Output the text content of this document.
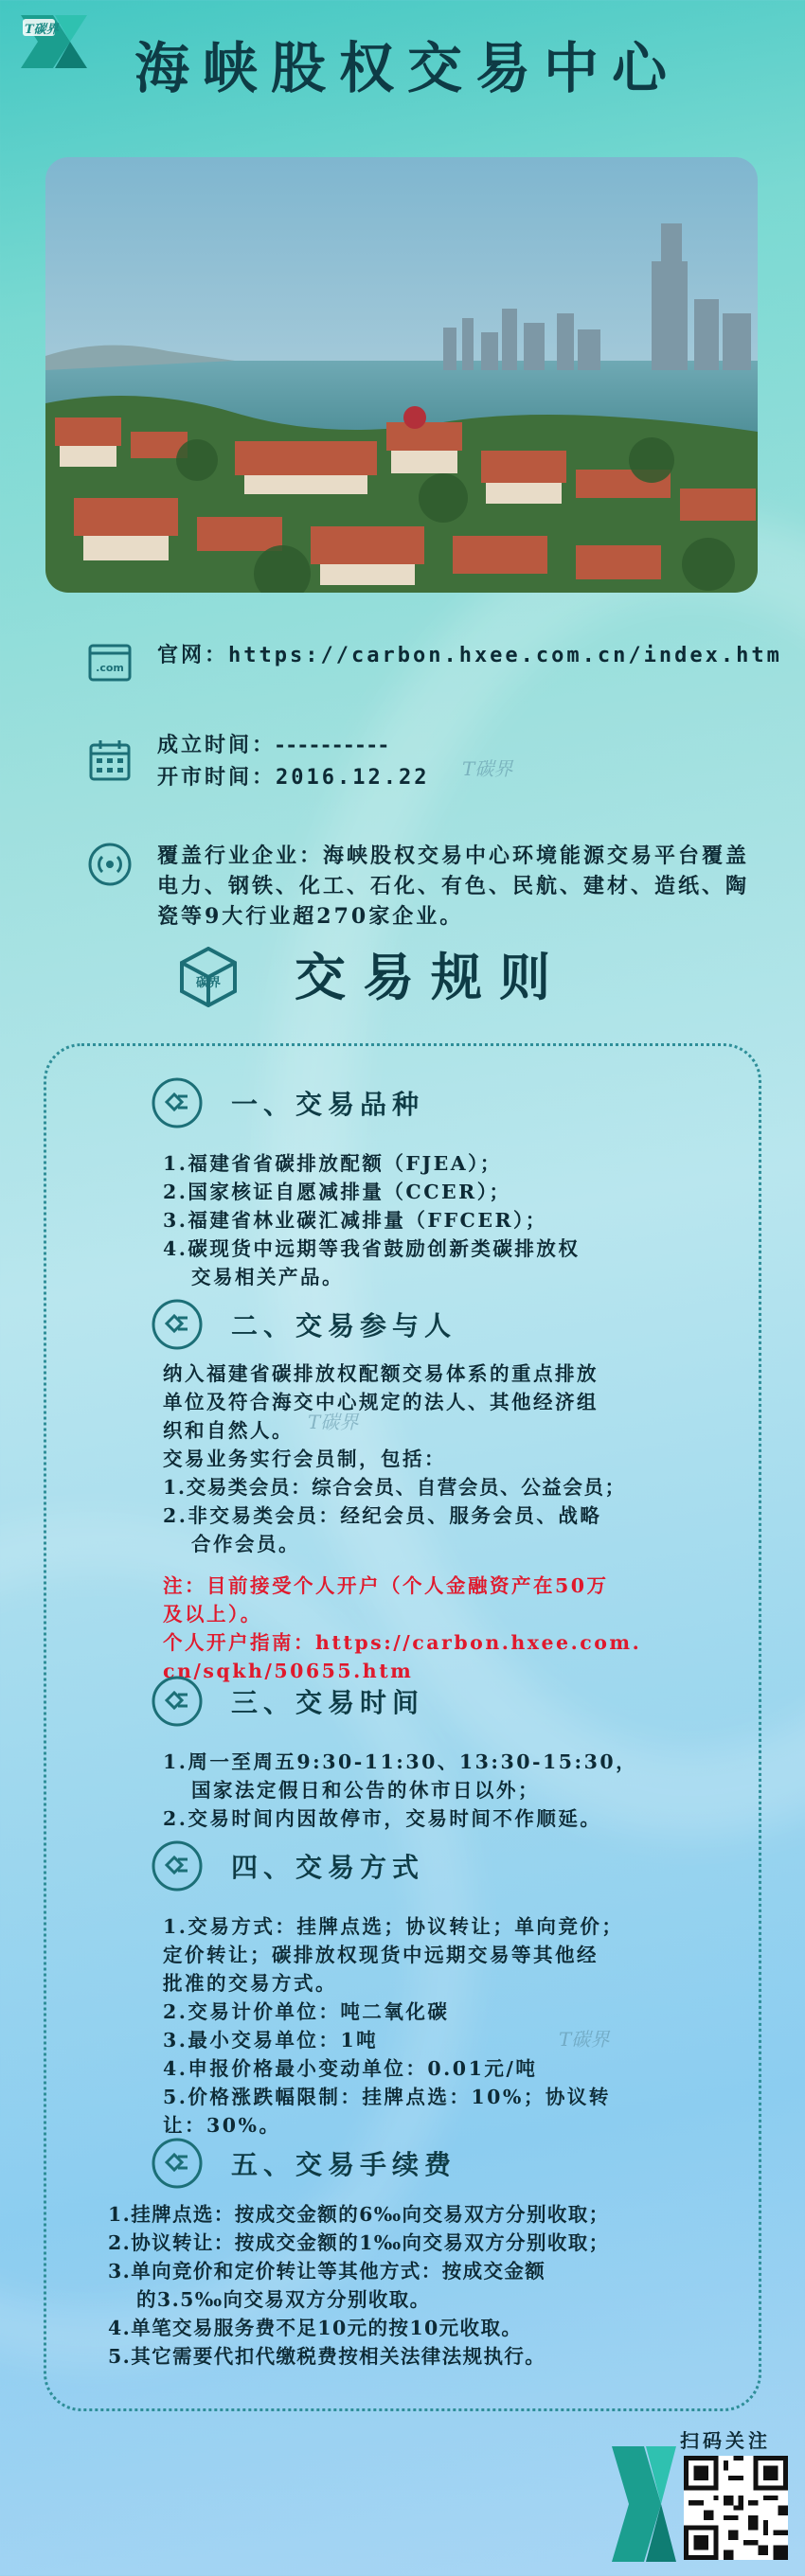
T碳界
海峡股权交易中心
.com
官网：https://carbon.hxee.com.cn/index.htm
成立时间：----------
开市时间：2016.12.22 T碳界
覆盖行业企业：海峡股权交易中心环境能源交易平台覆盖电力、钢铁、化工、石化、有色、民航、建材、造纸、陶瓷等9大行业超270家企业。
碳界	交易规则
一、交易品种
1.福建省省碳排放配额（FJEA）；
2.国家核证自愿减排量（CCER）；
3.福建省林业碳汇减排量（FFCER）；
4.碳现货中远期等我省鼓励创新类碳排放权
交易相关产品。
二、交易参与人
纳入福建省碳排放权配额交易体系的重点排放
单位及符合海交中心规定的法人、其他经济组
织和自然人。
交易业务实行会员制，包括：
1.交易类会员：综合会员、自营会员、公益会员；
2.非交易类会员：经纪会员、服务会员、战略
合作会员。
注：目前接受个人开户（个人金融资产在50万
及以上）。
个人开户指南：https://carbon.hxee.com.
cn/sqkh/50655.htm
T碳界
三、交易时间
1.周一至周五9:30-11:30、13:30-15:30，
国家法定假日和公告的休市日以外；
2.交易时间内因故停市，交易时间不作顺延。
四、交易方式
1.交易方式：挂牌点选；协议转让；单向竞价；
定价转让；碳排放权现货中远期交易等其他经
批准的交易方式。
2.交易计价单位：吨二氧化碳
3.最小交易单位：1吨
4.申报价格最小变动单位：0.01元/吨
5.价格涨跌幅限制：挂牌点选：10%；协议转
让：30%。
T碳界
五、交易手续费
1.挂牌点选：按成交金额的6‰向交易双方分别收取；
2.协议转让：按成交金额的1‰向交易双方分别收取；
3.单向竞价和定价转让等其他方式：按成交金额
的3.5‰向交易双方分别收取。
4.单笔交易服务费不足10元的按10元收取。
5.其它需要代扣代缴税费按相关法律法规执行。
扫码关注
